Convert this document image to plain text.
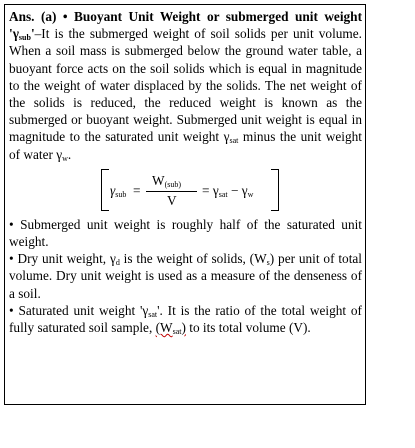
Ans. (a) • Buoyant Unit Weight or submerged unit weight '$\gamma_{sub}'-It$ is the submerged weight of soil solids per unit volume. When a soil mass is submerged below the ground water table, a buoyant force acts on the soil solids which is equal in magnitude to the weight of water displaced by the solids. The net weight of the solids is reduced, the reduced weight is known as the submerged or buoyant weight. Submerged unit weight is equal in magnitude to the saturated unit weight $\gamma_{sat}$ minus the unit weight of water $\gamma_w$.

$\gamma_{sub}$ =
$W_{(sub)}$
V
= $\gamma_{sat} - \gamma_w$

• Submerged unit weight is roughly half of the saturated unit weight.

• Dry unit weight, $\gamma_d$ is the weight of solids, $(W_s)$ per unit of total volume. Dry unit weight is used as a measure of the denseness of a soil.

• Saturated unit weight '$\gamma_{sat}$'. It is the ratio of the total weight of fully saturated soil sample, $(W_{sat})$ to its total volume (V).
